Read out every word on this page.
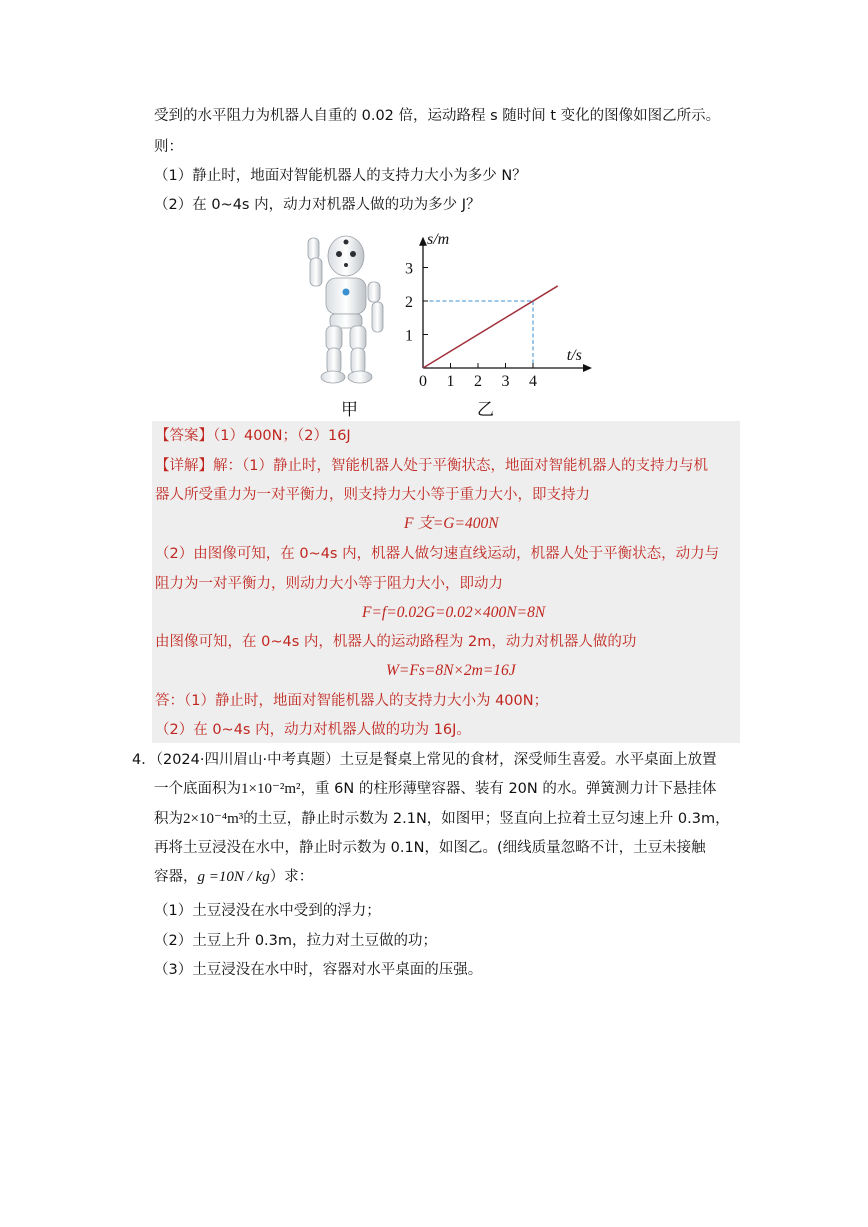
受到的水平阻力为机器人自重的 0.02 倍，运动路程 s 随时间 t 变化的图像如图乙所示。
则：
（1）静止时，地面对智能机器人的支持力大小为多少 N？
（2）在 0~4s 内，动力对机器人做的功为多少 J？
0 1 2 3 4
1
2
3
s/m
t/s
甲	乙
【答案】（1）400N；（2）16J
【详解】解：（1）静止时，智能机器人处于平衡状态，地面对智能机器人的支持力与机
器人所受重力为一对平衡力，则支持力大小等于重力大小，即支持力
F 支=G=400N
（2）由图像可知，在 0~4s 内，机器人做匀速直线运动，机器人处于平衡状态，动力与
阻力为一对平衡力，则动力大小等于阻力大小，即动力
F=f=0.02G=0.02×400N=8N
由图像可知，在 0~4s 内，机器人的运动路程为 2m，动力对机器人做的功
W=Fs=8N×2m=16J
答：（1）静止时，地面对智能机器人的支持力大小为 400N；
（2）在 0~4s 内，动力对机器人做的功为 16J。
4．（2024·四川眉山·中考真题）土豆是餐桌上常见的食材，深受师生喜爱。水平桌面上放置
一个底面积为1×10⁻²m²，重 6N 的柱形薄壁容器、装有 20N 的水。弹簧测力计下悬挂体
积为2×10⁻⁴m³的土豆，静止时示数为 2.1N，如图甲；竖直向上拉着土豆匀速上升 0.3m，
再将土豆浸没在水中，静止时示数为 0.1N，如图乙。(细线质量忽略不计，土豆未接触
容器，g =10N / kg）求：
（1）土豆浸没在水中受到的浮力；
（2）土豆上升 0.3m，拉力对土豆做的功；
（3）土豆浸没在水中时，容器对水平桌面的压强。
